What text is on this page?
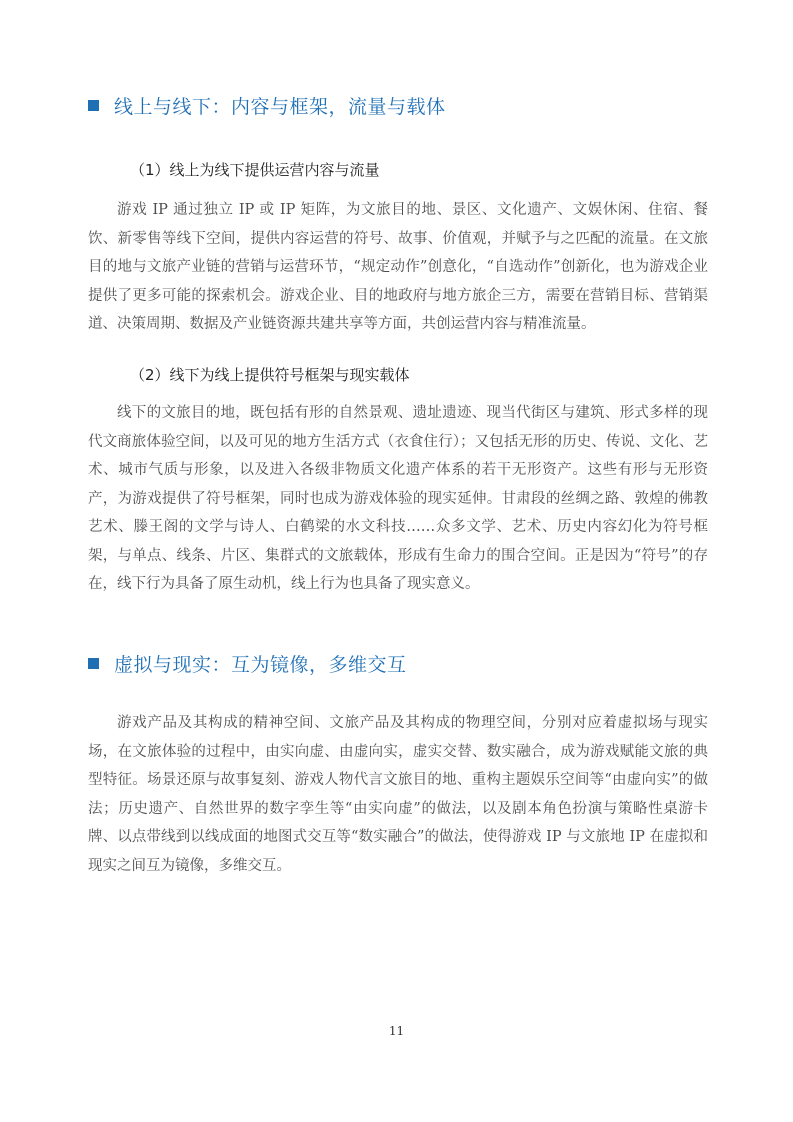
线上与线下：内容与框架，流量与载体
（1）线上为线下提供运营内容与流量

游戏 IP 通过独立 IP 或 IP 矩阵，为文旅目的地、景区、文化遗产、文娱休闲、住宿、餐饮、新零售等线下空间，提供内容运营的符号、故事、价值观，并赋予与之匹配的流量。在文旅目的地与文旅产业链的营销与运营环节，“规定动作”创意化，“自选动作”创新化，也为游戏企业提供了更多可能的探索机会。游戏企业、目的地政府与地方旅企三方，需要在营销目标、营销渠道、决策周期、数据及产业链资源共建共享等方面，共创运营内容与精准流量。

（2）线下为线上提供符号框架与现实载体

线下的文旅目的地，既包括有形的自然景观、遗址遗迹、现当代街区与建筑、形式多样的现代文商旅体验空间，以及可见的地方生活方式（衣食住行）；又包括无形的历史、传说、文化、艺术、城市气质与形象，以及进入各级非物质文化遗产体系的若干无形资产。这些有形与无形资产，为游戏提供了符号框架，同时也成为游戏体验的现实延伸。甘肃段的丝绸之路、敦煌的佛教艺术、滕王阁的文学与诗人、白鹤梁的水文科技……众多文学、艺术、历史内容幻化为符号框架，与单点、线条、片区、集群式的文旅载体，形成有生命力的围合空间。正是因为“符号”的存在，线下行为具备了原生动机，线上行为也具备了现实意义。

虚拟与现实：互为镜像，多维交互

游戏产品及其构成的精神空间、文旅产品及其构成的物理空间，分别对应着虚拟场与现实场，在文旅体验的过程中，由实向虚、由虚向实，虚实交替、数实融合，成为游戏赋能文旅的典型特征。场景还原与故事复刻、游戏人物代言文旅目的地、重构主题娱乐空间等“由虚向实”的做法；历史遗产、自然世界的数字孪生等“由实向虚”的做法，以及剧本角色扮演与策略性桌游卡牌、以点带线到以线成面的地图式交互等“数实融合”的做法，使得游戏 IP 与文旅地 IP 在虚拟和现实之间互为镜像，多维交互。

11
